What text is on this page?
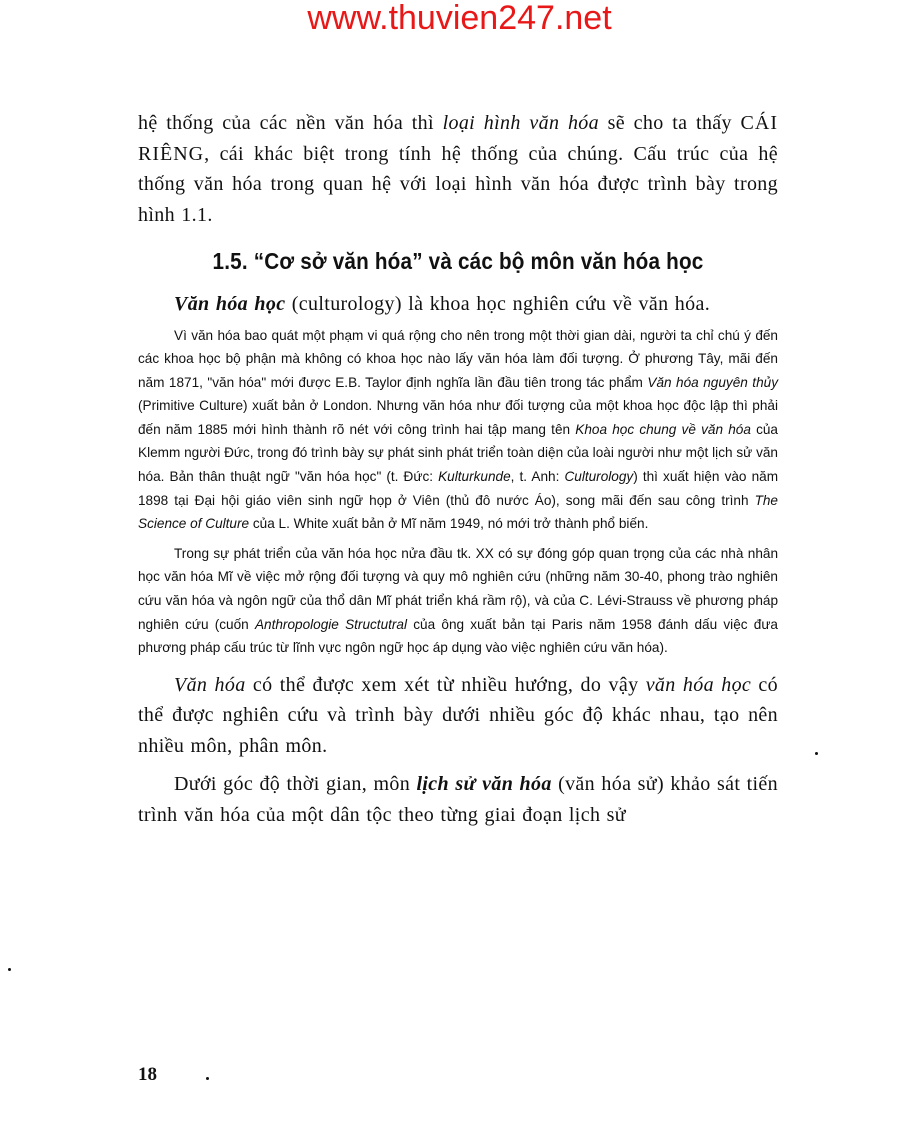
www.thuvien247.net

hệ thống của các nền văn hóa thì loại hình văn hóa sẽ cho ta thấy CÁI RIÊNG, cái khác biệt trong tính hệ thống của chúng. Cấu trúc của hệ thống văn hóa trong quan hệ với loại hình văn hóa được trình bày trong hình 1.1.

1.5. “Cơ sở văn hóa” và các bộ môn văn hóa học

Văn hóa học (culturology) là khoa học nghiên cứu về văn hóa.

Vì văn hóa bao quát một phạm vi quá rộng cho nên trong một thời gian dài, người ta chỉ chú ý đến các khoa học bộ phận mà không có khoa học nào lấy văn hóa làm đối tượng. Ở phương Tây, mãi đến năm 1871, "văn hóa" mới được E.B. Taylor định nghĩa lần đầu tiên trong tác phẩm Văn hóa nguyên thủy (Primitive Culture) xuất bản ở London. Nhưng văn hóa như đối tượng của một khoa học độc lập thì phải đến năm 1885 mới hình thành rõ nét với công trình hai tập mang tên Khoa học chung về văn hóa của Klemm người Đức, trong đó trình bày sự phát sinh phát triển toàn diện của loài người như một lịch sử văn hóa. Bản thân thuật ngữ "văn hóa học" (t. Đức: Kulturkunde, t. Anh: Culturology) thì xuất hiện vào năm 1898 tại Đại hội giáo viên sinh ngữ họp ở Viên (thủ đô nước Áo), song mãi đến sau công trình The Science of Culture của L. White xuất bản ở Mĩ năm 1949, nó mới trở thành phổ biến.

Trong sự phát triển của văn hóa học nửa đầu tk. XX có sự đóng góp quan trọng của các nhà nhân học văn hóa Mĩ về việc mở rộng đối tượng và quy mô nghiên cứu (những năm 30-40, phong trào nghiên cứu văn hóa và ngôn ngữ của thổ dân Mĩ phát triển khá rầm rộ), và của C. Lévi-Strauss về phương pháp nghiên cứu (cuốn Anthropologie Structutral của ông xuất bản tại Paris năm 1958 đánh dấu việc đưa phương pháp cấu trúc từ lĩnh vực ngôn ngữ học áp dụng vào việc nghiên cứu văn hóa).

Văn hóa có thể được xem xét từ nhiều hướng, do vậy văn hóa học có thể được nghiên cứu và trình bày dưới nhiều góc độ khác nhau, tạo nên nhiều môn, phân môn.

Dưới góc độ thời gian, môn lịch sử văn hóa (văn hóa sử) khảo sát tiến trình văn hóa của một dân tộc theo từng giai đoạn lịch sử

18
